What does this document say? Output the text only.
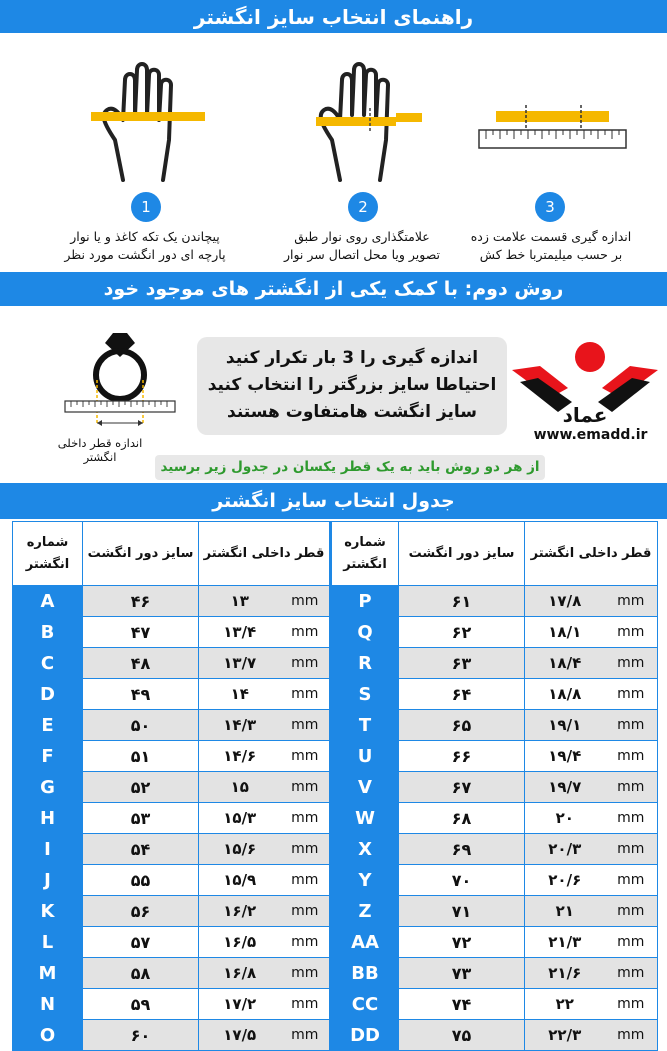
راهنمای انتخاب سایز انگشتر
1
پیچاندن یک تکه کاغذ و یا نوار
پارچه ای دور انگشت مورد نظر
2
علامتگذاری روی نوار طبق
تصویر ویا محل اتصال سر نوار
3
اندازه گیری قسمت علامت زده
بر حسب میلیمتربا خط کش
روش دوم: با کمک یکی از انگشتر های موجود خود
اندازه قطر داخلی انگشتر
اندازه گیری را 3 بار تکرار کنید
احتیاطا سایز بزرگتر را انتخاب کنید
سایز انگشت هامتفاوت هستند	عماد
www.emadd.ir
از هر دو روش باید به یک قطر یکسان در جدول زیر برسید
جدول انتخاب سایز انگشتر
شماره انگشتر	سایز دور انگشت	قطر داخلی انگشتر		شماره انگشتر	سایز دور انگشت	قطر داخلی انگشتر	
A	۴۶	۱۳	mm	P	۶۱	۱۷/۸	mm
B	۴۷	۱۳/۴	mm	Q	۶۲	۱۸/۱	mm
C	۴۸	۱۳/۷	mm	R	۶۳	۱۸/۴	mm
D	۴۹	۱۴	mm	S	۶۴	۱۸/۸	mm
E	۵۰	۱۴/۳	mm	T	۶۵	۱۹/۱	mm
F	۵۱	۱۴/۶	mm	U	۶۶	۱۹/۴	mm
G	۵۲	۱۵	mm	V	۶۷	۱۹/۷	mm
H	۵۳	۱۵/۳	mm	W	۶۸	۲۰	mm
I	۵۴	۱۵/۶	mm	X	۶۹	۲۰/۳	mm
J	۵۵	۱۵/۹	mm	Y	۷۰	۲۰/۶	mm
K	۵۶	۱۶/۲	mm	Z	۷۱	۲۱	mm
L	۵۷	۱۶/۵	mm	AA	۷۲	۲۱/۳	mm
M	۵۸	۱۶/۸	mm	BB	۷۳	۲۱/۶	mm
N	۵۹	۱۷/۲	mm	CC	۷۴	۲۲	mm
O	۶۰	۱۷/۵	mm	DD	۷۵	۲۲/۳	mm
